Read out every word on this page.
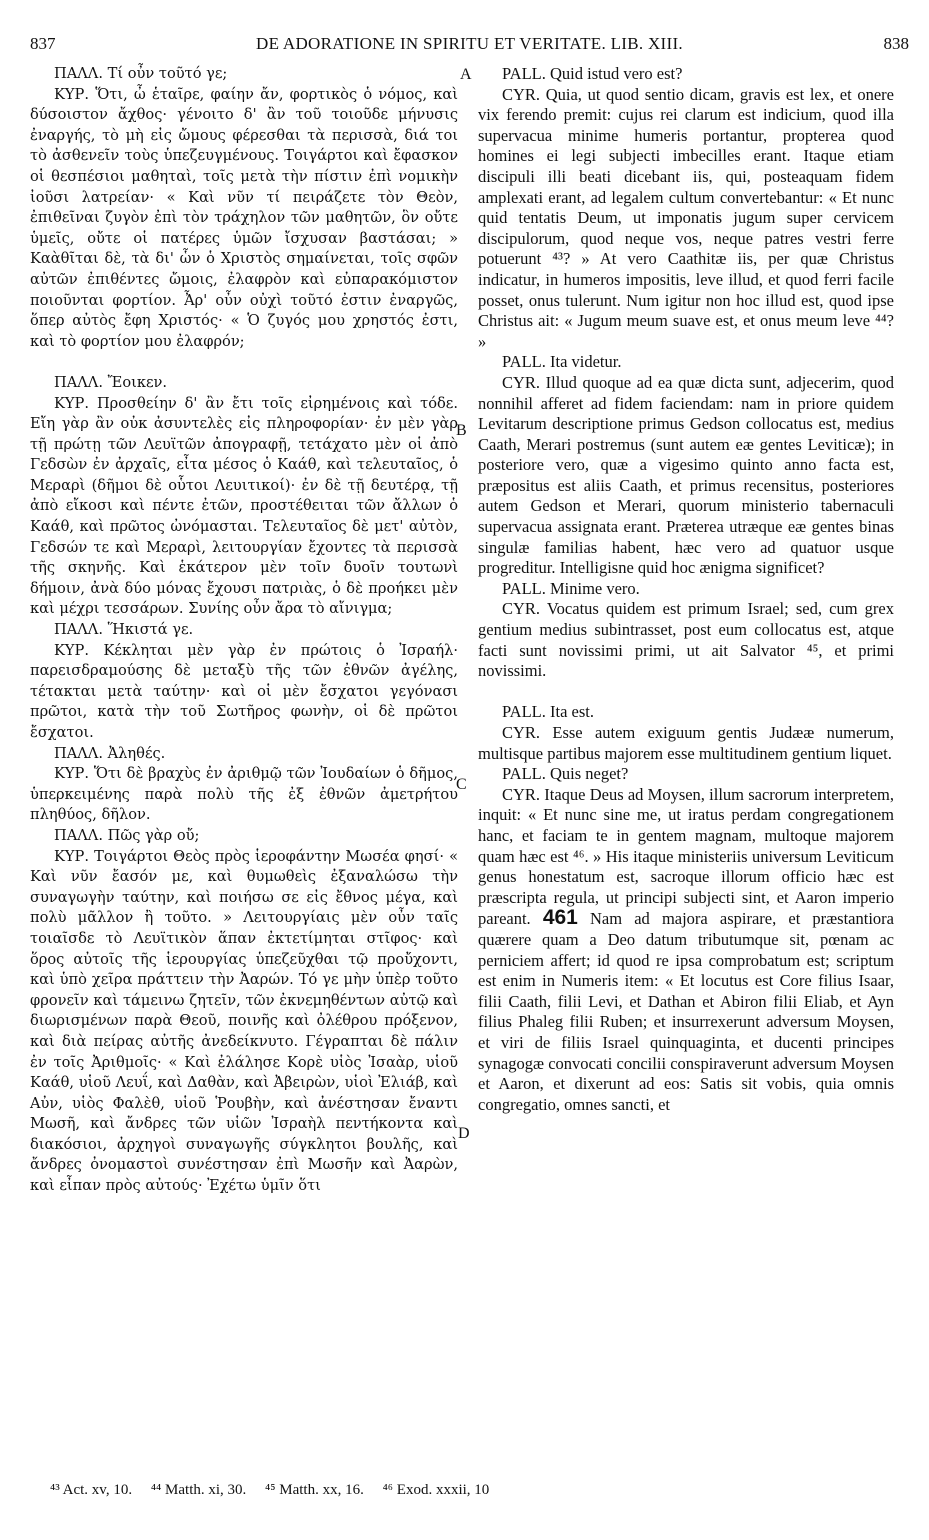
837	DE ADORATIONE IN SPIRITU ET VERITATE. LIB. XIII.	838

ΠΑΛΛ. Τί οὖν τοῦτό γε;

ΚΥΡ. Ὅτι, ὦ ἑταῖρε, φαίην ἄν, φορτικὸς ὁ νόμος, καὶ δύσοιστον ἄχθος· γένοιτο δ' ἂν τοῦ τοιοῦδε μήνυσις ἐναργής, τὸ μὴ εἰς ὤμους φέρεσθαι τὰ περισσὰ, διά τοι τὸ ἀσθενεῖν τοὺς ὑπεζευγμένους. Τοιγάρτοι καὶ ἔφασκον οἱ θεσπέσιοι μαθηταὶ, τοῖς μετὰ τὴν πίστιν ἐπὶ νομικὴν ἰοῦσι λατρείαν· « Καὶ νῦν τί πειράζετε τὸν Θεὸν, ἐπιθεῖναι ζυγὸν ἐπὶ τὸν τράχηλον τῶν μαθητῶν, ὃν οὔτε ὑμεῖς, οὔτε οἱ πατέρες ὑμῶν ἴσχυσαν βαστάσαι; » Καὰθῖται δὲ, τὰ δι' ὧν ὁ Χριστὸς σημαίνεται, τοῖς σφῶν αὐτῶν ἐπιθέντες ὤμοις, ἐλαφρὸν καὶ εὐπαρακόμιστον ποιοῦνται φορτίον. Ἆρ' οὖν οὐχὶ τοῦτό ἐστιν ἐναργῶς, ὅπερ αὐτὸς ἔφη Χριστός· « Ὁ ζυγός μου χρηστός ἐστι, καὶ τὸ φορτίον μου ἐλαφρόν;

ΠΑΛΛ. Ἔοικεν.

ΚΥΡ. Προσθείην δ' ἂν ἔτι τοῖς εἰρημένοις καὶ τόδε. Εἴη γὰρ ἂν οὐκ ἀσυντελὲς εἰς πληροφορίαν· ἐν μὲν γὰρ τῇ πρώτῃ τῶν Λευϊτῶν ἀπογραφῇ, τετάχατο μὲν οἱ ἀπὸ Γεδσὼν ἐν ἀρχαῖς, εἶτα μέσος ὁ Καάθ, καὶ τελευταῖος, ὁ Μεραρὶ (δῆμοι δὲ οὗτοι Λευιτικοί)· ἐν δὲ τῇ δευτέρᾳ, τῇ ἀπὸ εἴκοσι καὶ πέντε ἐτῶν, προστέθειται τῶν ἄλλων ὁ Καάθ, καὶ πρῶτος ὠνόμασται. Τελευταῖος δὲ μετ' αὐτὸν, Γεδσών τε καὶ Μεραρὶ, λειτουργίαν ἔχοντες τὰ περισσὰ τῆς σκηνῆς. Καὶ ἑκάτερον μὲν τοῖν δυοῖν τουτωνὶ δήμοιν, ἀνὰ δύο μόνας ἔχουσι πατριὰς, ὁ δὲ προήκει μὲν καὶ μέχρι τεσσάρων. Συνίης οὖν ἄρα τὸ αἴνιγμα;

ΠΑΛΛ. Ἥκιστά γε.

ΚΥΡ. Κέκληται μὲν γὰρ ἐν πρώτοις ὁ Ἰσραήλ· παρεισδραμούσης δὲ μεταξὺ τῆς τῶν ἐθνῶν ἀγέλης, τέτακται μετὰ ταύτην· καὶ οἱ μὲν ἔσχατοι γεγόνασι πρῶτοι, κατὰ τὴν τοῦ Σωτῆρος φωνὴν, οἱ δὲ πρῶτοι ἔσχατοι.

ΠΑΛΛ. Ἀληθές.

ΚΥΡ. Ὅτι δὲ βραχὺς ἐν ἀριθμῷ τῶν Ἰουδαίων ὁ δῆμος, ὑπερκειμένης παρὰ πολὺ τῆς ἐξ ἐθνῶν ἀμετρήτου πληθύος, δῆλον.

ΠΑΛΛ. Πῶς γὰρ οὔ;

ΚΥΡ. Τοιγάρτοι Θεὸς πρὸς ἱεροφάντην Μωσέα φησί· « Καὶ νῦν ἔασόν με, καὶ θυμωθεὶς ἐξαναλώσω τὴν συναγωγὴν ταύτην, καὶ ποιήσω σε εἰς ἔθνος μέγα, καὶ πολὺ μᾶλλον ἢ τοῦτο. » Λειτουργίαις μὲν οὖν ταῖς τοιαῖσδε τὸ Λευϊτικὸν ἅπαν ἐκτετίμηται στῖφος· καὶ ὅρος αὐτοῖς τῆς ἱερουργίας ὑπεζεῦχθαι τῷ προὔχοντι, καὶ ὑπὸ χεῖρα πράττειν τὴν Ἀαρών. Τό γε μὴν ὑπὲρ τοῦτο φρονεῖν καὶ τάμεινω ζητεῖν, τῶν ἐκνεμηθέντων αὐτῷ καὶ διωρισμένων παρὰ Θεοῦ, ποινῆς καὶ ὀλέθρου πρόξενον, καὶ διὰ πείρας αὐτῆς ἀνεδείκνυτο. Γέγραπται δὲ πάλιν ἐν τοῖς Ἀριθμοῖς· « Καὶ ἐλάλησε Κορὲ υἱὸς Ἰσαὰρ, υἱοῦ Καάθ, υἱοῦ Λευΐ, καὶ Δαθὰν, καὶ Ἀβειρὼν, υἱοὶ Ἐλιάβ, καὶ Αὐν, υἱὸς Φαλὲθ, υἱοῦ Ῥουβὴν, καὶ ἀνέστησαν ἔναντι Μωσῆ, καὶ ἄνδρες τῶν υἱῶν Ἰσραὴλ πεντήκοντα καὶ διακόσιοι, ἀρχηγοὶ συναγωγῆς σύγκλητοι βουλῆς, καὶ ἄνδρες ὀνομαστοὶ συνέστησαν ἐπὶ Μωσῆν καὶ Ἀαρὼν, καὶ εἶπαν πρὸς αὐτούς· Ἐχέτω ὑμῖν ὅτι

PALL. Quid istud vero est?

CYR. Quia, ut quod sentio dicam, gravis est lex, et onere vix ferendo premit: cujus rei clarum est indicium, quod illa supervacua minime humeris portantur, propterea quod homines ei legi subjecti imbecilles erant. Itaque etiam discipuli illi beati dicebant iis, qui, posteaquam fidem amplexati erant, ad legalem cultum convertebantur: « Et nunc quid tentatis Deum, ut imponatis jugum super cervicem discipulorum, quod neque vos, neque patres vestri ferre potuerunt ⁴³? » At vero Caathitæ iis, per quæ Christus indicatur, in humeros impositis, leve illud, et quod ferri facile posset, onus tulerunt. Num igitur non hoc illud est, quod ipse Christus ait: « Jugum meum suave est, et onus meum leve ⁴⁴? »

PALL. Ita videtur.

CYR. Illud quoque ad ea quæ dicta sunt, adjecerim, quod nonnihil afferet ad fidem faciendam: nam in priore quidem Levitarum descriptione primus Gedson collocatus est, medius Caath, Merari postremus (sunt autem eæ gentes Leviticæ); in posteriore vero, quæ a vigesimo quinto anno facta est, præpositus est aliis Caath, et primus recensitus, posteriores autem Gedson et Merari, quorum ministerio tabernaculi supervacua assignata erant. Præterea utræque eæ gentes binas singulæ familias habent, hæc vero ad quatuor usque progreditur. Intelligisne quid hoc ænigma significet?

PALL. Minime vero.

CYR. Vocatus quidem est primum Israel; sed, cum grex gentium medius subintrasset, post eum collocatus est, atque facti sunt novissimi primi, ut ait Salvator ⁴⁵, et primi novissimi.

PALL. Ita est.

CYR. Esse autem exiguum gentis Judææ numerum, multisque partibus majorem esse multitudinem gentium liquet.

PALL. Quis neget?

CYR. Itaque Deus ad Moysen, illum sacrorum interpretem, inquit: « Et nunc sine me, ut iratus perdam congregationem hanc, et faciam te in gentem magnam, multoque majorem quam hæc est ⁴⁶. » His itaque ministeriis universum Leviticum genus honestatum est, sacroque illorum officio hæc est præscripta regula, ut principi subjecti sint, et Aaron imperio pareant. 461 Nam ad majora aspirare, et præstantiora quærere quam a Deo datum tributumque sit, pœnam ac perniciem affert; id quod re ipsa comprobatum est; scriptum est enim in Numeris item: « Et locutus est Core filius Isaar, filii Caath, filii Levi, et Dathan et Abiron filii Eliab, et Ayn filius Phaleg filii Ruben; et insurrexerunt adversum Moysen, et viri de filiis Israel quinquaginta, et ducenti principes synagogæ convocati concilii conspiraverunt adversum Moysen et Aaron, et dixerunt ad eos: Satis sit vobis, quia omnis congregatio, omnes sancti, et

A
B
C
D
⁴³ Act. xv, 10.     ⁴⁴ Matth. xi, 30.     ⁴⁵ Matth. xx, 16.     ⁴⁶ Exod. xxxii, 10
